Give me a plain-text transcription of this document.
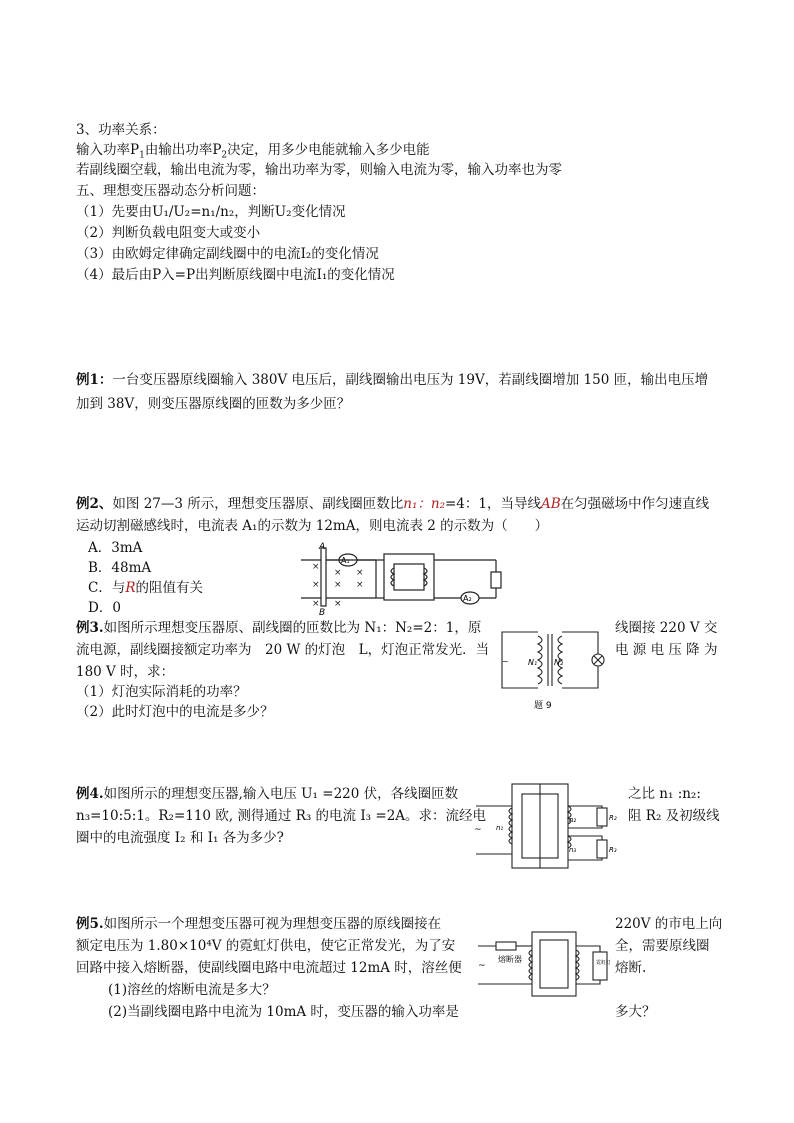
3、功率关系：
输入功率$P_1$由输出功率$P_2$决定，用多少电能就输入多少电能
若副线圈空载，输出电流为零，输出功率为零，则输入电流为零，输入功率也为零
五、理想变压器动态分析问题：
（1）先要由U₁/U₂=n₁/n₂，判断U₂变化情况
（2）判断负载电阻变大或变小
（3）由欧姆定律确定副线圈中的电流I₂的变化情况
（4）最后由P入=P出判断原线圈中电流I₁的变化情况
例1：一台变压器原线圈输入 380V 电压后，副线圈输出电压为 19V，若副线圈增加 150 匝，输出电压增
加到 38V，则变压器原线圈的匝数为多少匝？
例2、如图 27—3 所示，理想变压器原、副线圈匝数比n₁：n₂=4：1，当导线AB在匀强磁场中作匀速直线
运动切割磁感线时，电流表 A₁的示数为 12mA，则电流表 2 的示数为（　　）
A．3mA
B．48mA
C．与R的阻值有关
D．0
×
× ×
× × ×
× ×
A
B
A₁
A₂
例3.如图所示理想变压器原、副线圈的匝数比为 N₁：N₂=2：1，原	线圈接 220 V 交
流电源，副线圈接额定功率为　20 W 的灯泡　L，灯泡正常发光．当	电 源 电 压 降 为
180 V 时，求：
（1）灯泡实际消耗的功率？
（2）此时灯泡中的电流是多少？
~ N₁ N₂
题 9
例4.如图所示的理想变压器,输入电压 U₁ =220 伏，各线圈匝数	之比 n₁ :n₂:
n₃=10:5:1。R₂=110 欧, 测得通过 R₃ 的电流 I₃ =2A。求：流经电	阻 R₂ 及初级线
圈中的电流强度 I₂ 和 I₁ 各为多少?	~ n₁
n₂
n₃
R₂
R₃
例5.如图所示一个理想变压器可视为理想变压器的原线圈接在	220V 的市电上向
额定电压为 1.80×10⁴V 的霓虹灯供电，使它正常发光，为了安	全，需要原线圈
回路中接入熔断器，使副线圈电路中电流超过 12mA 时，溶丝便	熔断.
(1)溶丝的熔断电流是多大？
(2)当副线圈电路中电流为 10mA 时，变压器的输入功率是	多大？
~
熔断器	霓虹灯
